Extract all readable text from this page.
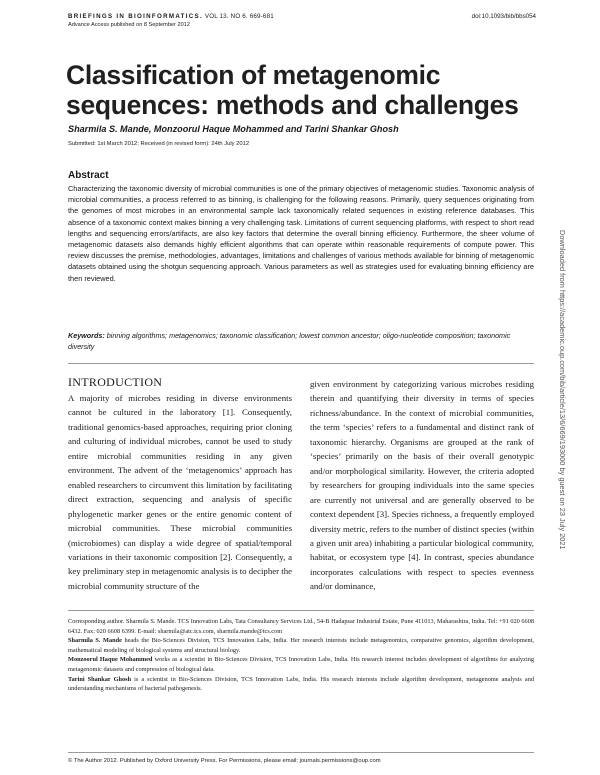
BRIEFINGS IN BIOINFORMATICS. VOL 13. NO 6. 669-681
Advance Access published on 8 September 2012
doi:10.1093/bib/bbs054
Classification of metagenomic sequences: methods and challenges
Sharmila S. Mande, Monzoorul Haque Mohammed and Tarini Shankar Ghosh
Submitted: 1st March 2012; Received (in revised form): 24th July 2012
Abstract
Characterizing the taxonomic diversity of microbial communities is one of the primary objectives of metagenomic studies. Taxonomic analysis of microbial communities, a process referred to as binning, is challenging for the following reasons. Primarily, query sequences originating from the genomes of most microbes in an environmental sample lack taxonomically related sequences in existing reference databases. This absence of a taxonomic context makes binning a very challenging task. Limitations of current sequencing platforms, with respect to short read lengths and sequencing errors/artifacts, are also key factors that determine the overall binning efficiency. Furthermore, the sheer volume of metagenomic datasets also demands highly efficient algorithms that can operate within reasonable requirements of compute power. This review discusses the premise, methodologies, advantages, limitations and challenges of various methods available for binning of metagenomic datasets obtained using the shotgun sequencing approach. Various parameters as well as strategies used for evaluating binning efficiency are then reviewed.
Keywords: binning algorithms; metagenomics; taxonomic classification; lowest common ancestor; oligo-nucleotide composition; taxonomic diversity
INTRODUCTION
A majority of microbes residing in diverse environments cannot be cultured in the laboratory [1]. Consequently, traditional genomics-based approaches, requiring prior cloning and culturing of individual microbes, cannot be used to study entire microbial communities residing in any given environment. The advent of the ‘metagenomics’ approach has enabled researchers to circumvent this limitation by facilitating direct extraction, sequencing and analysis of specific phylogenetic marker genes or the entire genomic content of microbial communities. These microbial communities (microbiomes) can display a wide degree of spatial/temporal variations in their taxonomic composition [2]. Consequently, a key preliminary step in metagenomic analysis is to decipher the microbial community structure of the
given environment by categorizing various microbes residing therein and quantifying their diversity in terms of species richness/abundance. In the context of microbial communities, the term ‘species’ refers to a fundamental and distinct rank of taxonomic hierarchy. Organisms are grouped at the rank of ‘species’ primarily on the basis of their overall genotypic and/or morphological similarity. However, the criteria adopted by researchers for grouping individuals into the same species are currently not universal and are generally observed to be context dependent [3]. Species richness, a frequently employed diversity metric, refers to the number of distinct species (within a given unit area) inhabiting a particular biological community, habitat, or ecosystem type [4]. In contrast, species abundance incorporates calculations with respect to species evenness and/or dominance,

Corresponding author. Sharmila S. Mande. TCS Innovation Labs, Tata Consultancy Services Ltd., 54-B Hadapsar Industrial Estate, Pune 411013, Maharashtra, India. Tel: +91 020 6608 6432. Fax: 020 6608 6399. E-mail: sharmila@atc.tcs.com, sharmila.mande@tcs.com

Sharmila S. Mande heads the Bio-Sciences Division, TCS Innovation Labs, India. Her research interests include metagenomics, comparative genomics, algorithm development, mathematical modeling of biological systems and structural biology.

Monzoorul Haque Mohammed works as a scientist in Bio-Sciences Division, TCS Innovation Labs, India. His research interest includes development of algorithms for analyzing metagenomic datasets and compression of biological data.

Tarini Shankar Ghosh is a scientist in Bio-Sciences Division, TCS Innovation Labs, India. His research interests include algorithm development, metagenome analysis and understanding mechanisms of bacterial pathogenesis.

© The Author 2012. Published by Oxford University Press. For Permissions, please email: journals.permissions@oup.com
Downloaded from https://academic.oup.com/bib/article/13/6/669/193000 by guest on 23 July 2021
